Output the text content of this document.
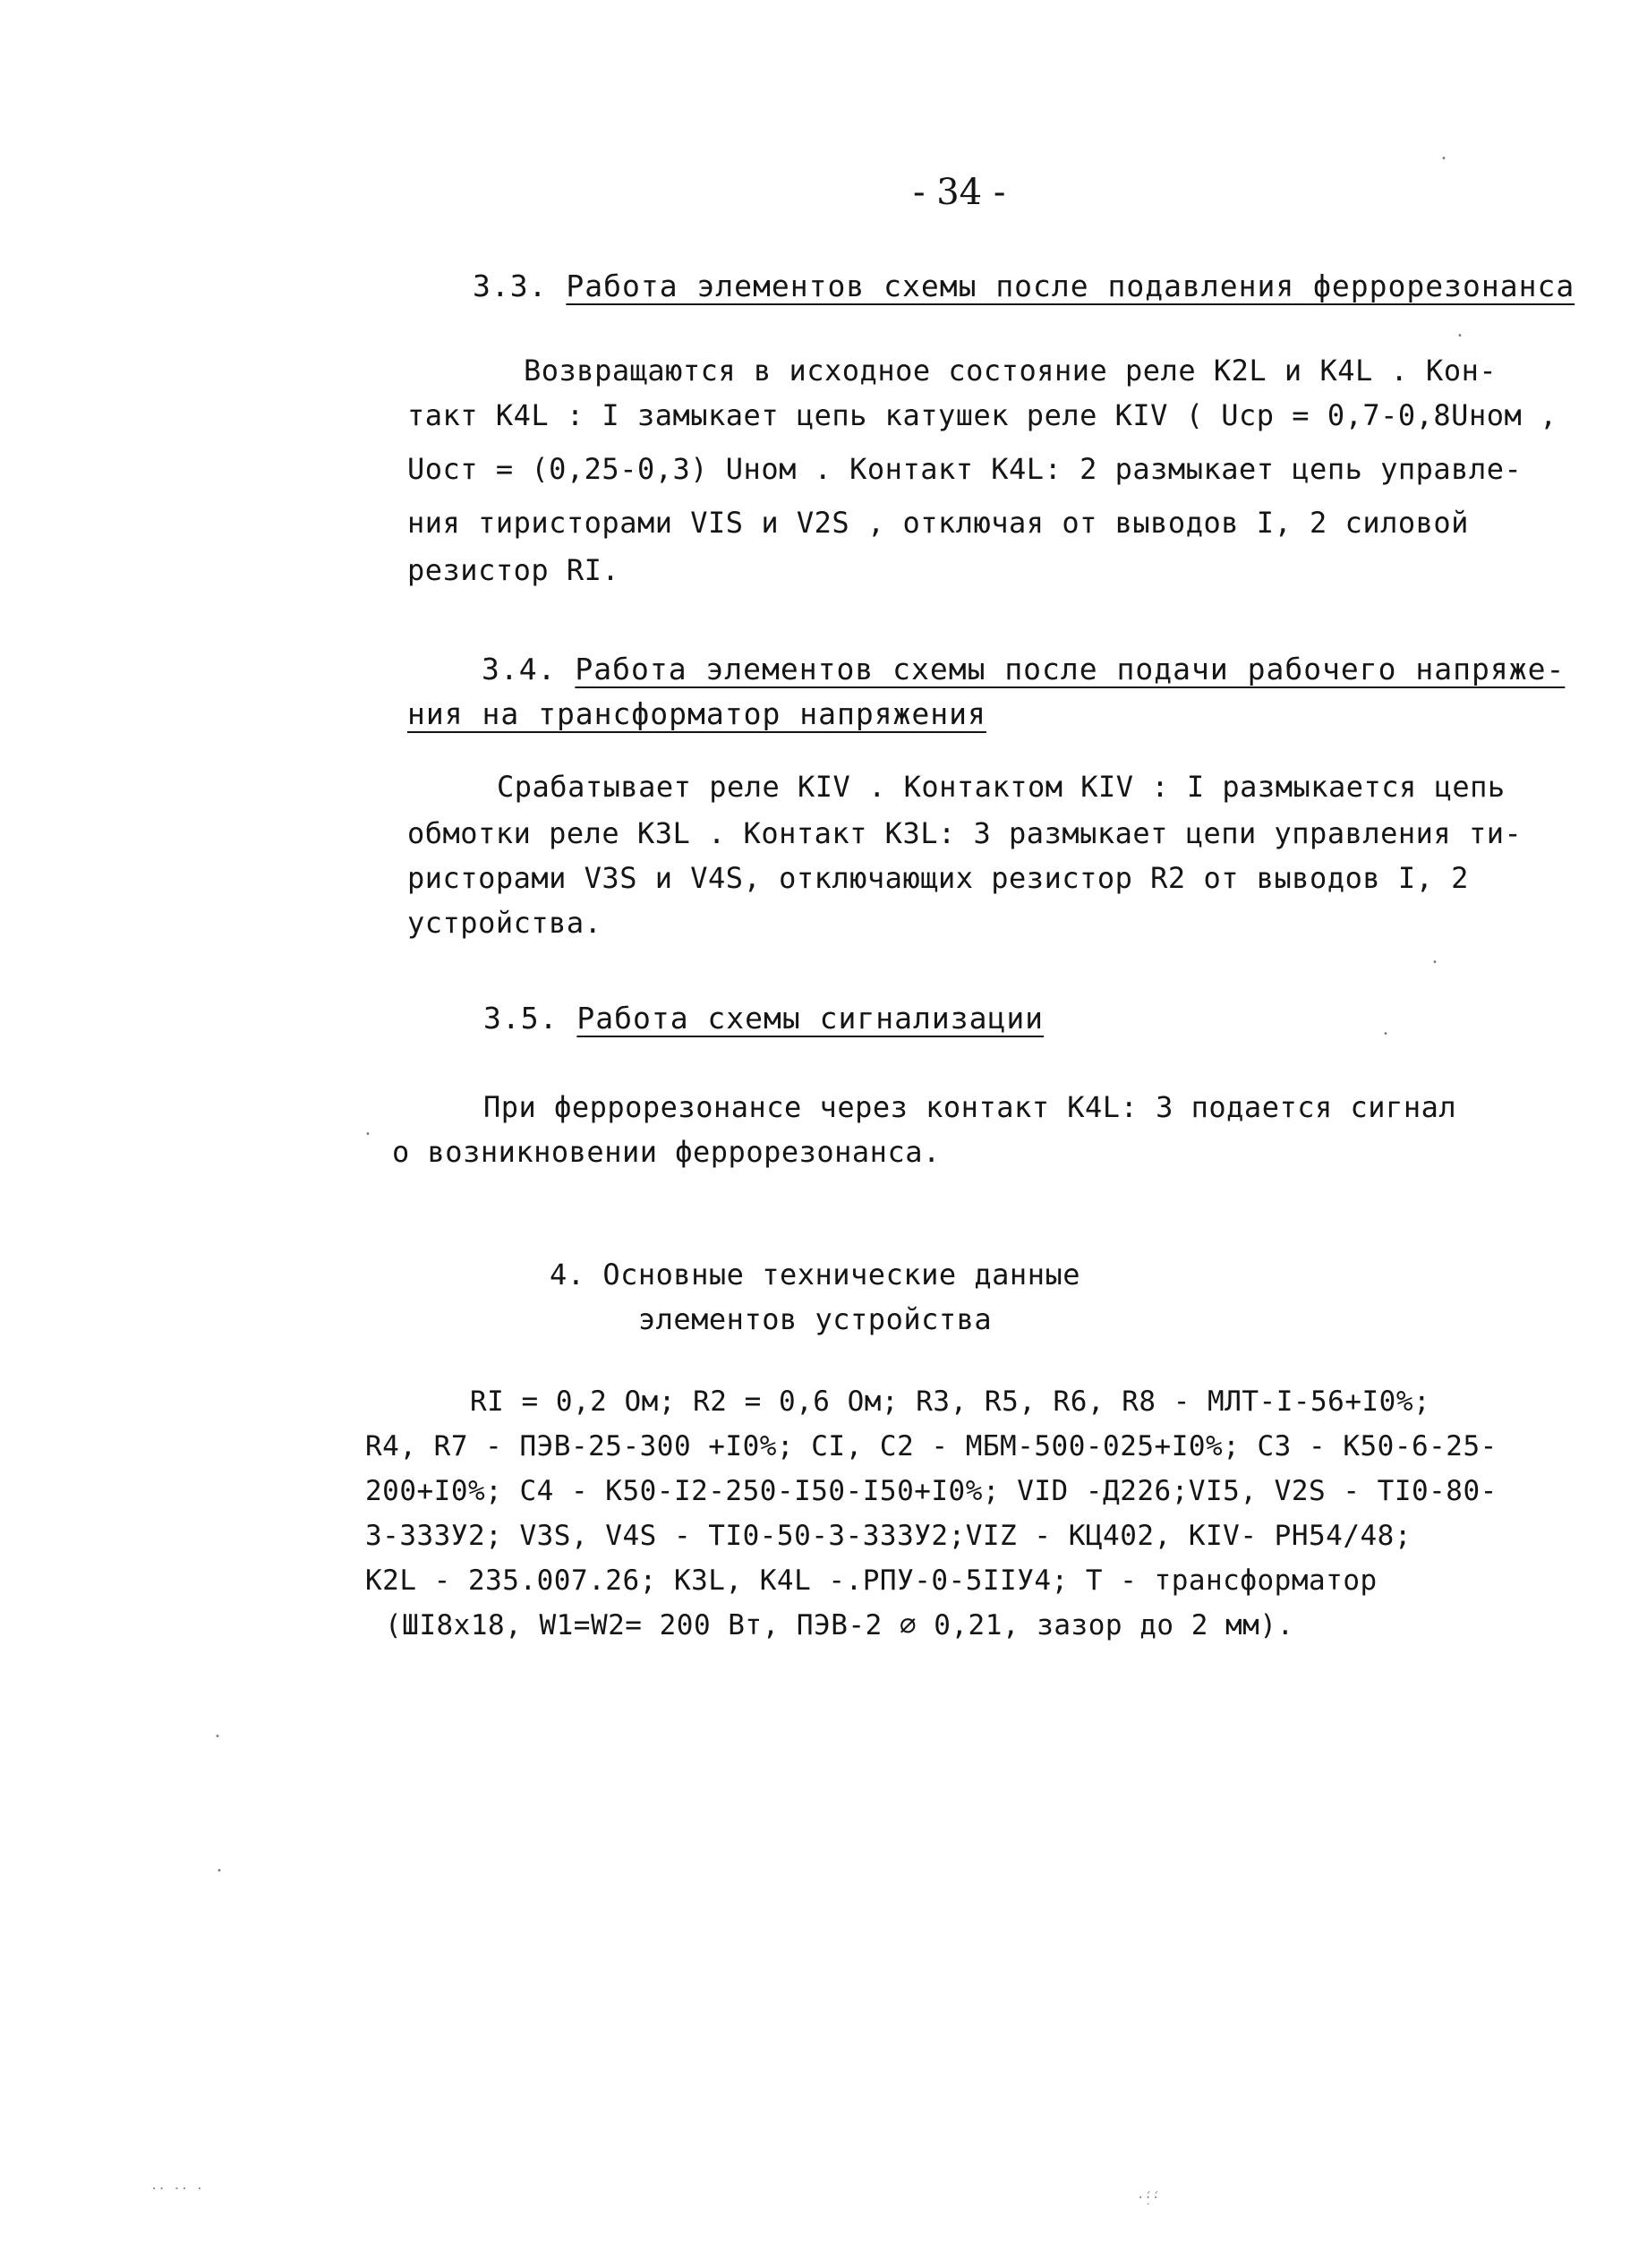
- 34 -
3.3. Работа элементов схемы после подавления феррорезонанса
Возвращаются в исходное состояние реле K2L и K4L . Кон-
такт K4L : I замыкает цепь катушек реле KIV ( Uср = 0,7-0,8Uном ,
Uост = (0,25-0,3) Uном . Контакт K4L: 2 размыкает цепь управле-
ния тиристорами VIS и V2S , отключая от выводов I, 2 силовой
резистор RI.
3.4. Работа элементов схемы после подачи рабочего напряже-
ния на трансформатор напряжения
Срабатывает реле KIV . Контактом KIV : I размыкается цепь
обмотки реле K3L . Контакт K3L: 3 размыкает цепи управления ти-
ристорами V3S и V4S, отключающих резистор R2 от выводов I, 2
устройства.
3.5. Работа схемы сигнализации
При феррорезонансе через контакт K4L: 3 подается сигнал
о возникновении феррорезонанса.
4. Основные технические данные
элементов устройства
RI = 0,2 Ом; R2 = 0,6 Ом; R3, R5, R6, R8 - МЛТ-I-56+I0%;
R4, R7 - ПЭВ-25-300 +I0%; CI, C2 - МБМ-500-025+I0%; C3 - К50-6-25-
200+I0%; C4 - К50-I2-250-I50-I50+I0%; VID -Д226;VI5, V2S - ТI0-80-
3-333У2; V3S, V4S - ТI0-50-3-333У2;VIZ - КЦ402, KIV- РН54/48;
K2L - 235.007.26; K3L, K4L -.РПУ-0-5IIУ4; Т - трансформатор
(ШI8x18, W1=W2= 200 Вт, ПЭВ-2 ∅ 0,21, зазор до 2 мм).
·· ·· ·
·̣́·́·
•
•
•
•
•
•
•
